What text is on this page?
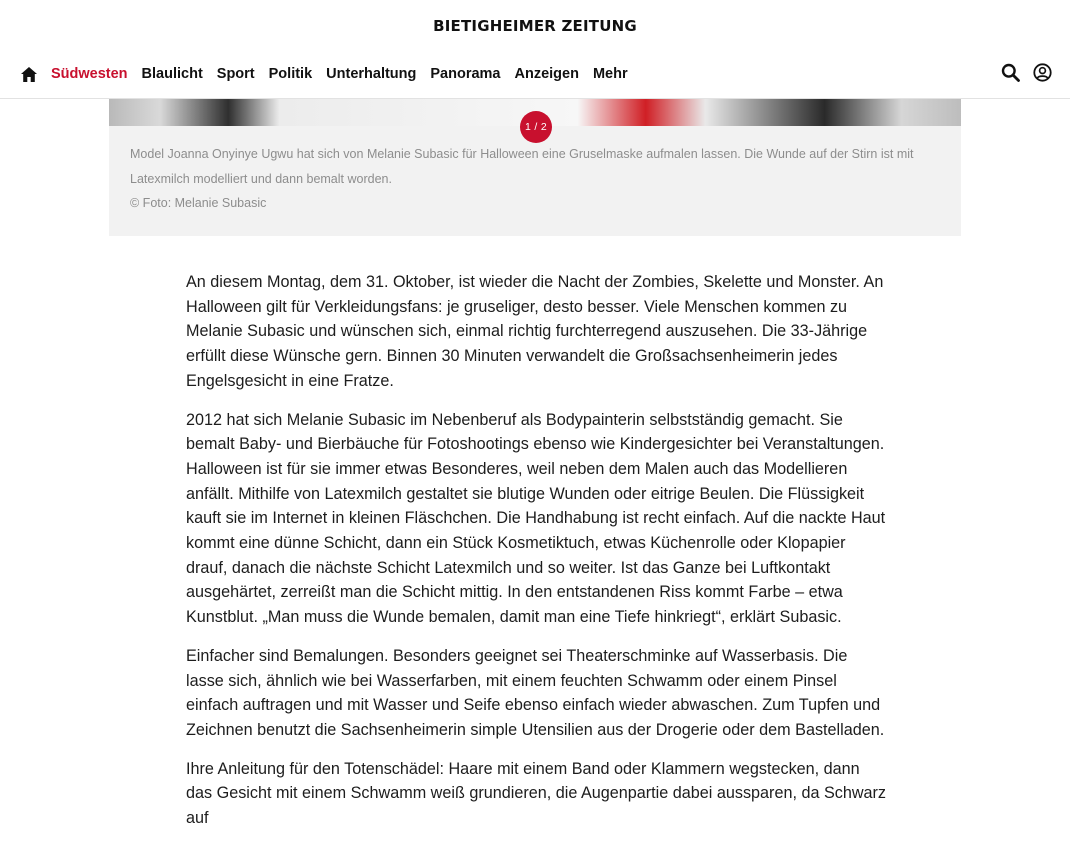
BIETIGHEIMER ZEITUNG
Südwesten Blaulicht Sport Politik Unterhaltung Panorama Anzeigen Mehr
1 / 2
Model Joanna Onyinye Ugwu hat sich von Melanie Subasic für Halloween eine Gruselmaske aufmalen lassen. Die Wunde auf der Stirn ist mit Latexmilch modelliert und dann bemalt worden.
© Foto: Melanie Subasic

An diesem Montag, dem 31. Oktober, ist wieder die Nacht der Zombies, Skelette und Monster. An Halloween gilt für Verkleidungsfans: je gruseliger, desto besser. Viele Menschen kommen zu Melanie Subasic und wünschen sich, einmal richtig furchterregend auszusehen. Die 33-Jährige erfüllt diese Wünsche gern. Binnen 30 Minuten verwandelt die Großsachsenheimerin jedes Engelsgesicht in eine Fratze.

2012 hat sich Melanie Subasic im Nebenberuf als Bodypainterin selbstständig gemacht. Sie bemalt Baby- und Bierbäuche für Fotoshootings ebenso wie Kindergesichter bei Veranstaltungen. Halloween ist für sie immer etwas Besonderes, weil neben dem Malen auch das Modellieren anfällt. Mithilfe von Latexmilch gestaltet sie blutige Wunden oder eitrige Beulen. Die Flüssigkeit kauft sie im Internet in kleinen Fläschchen. Die Handhabung ist recht einfach. Auf die nackte Haut kommt eine dünne Schicht, dann ein Stück Kosmetiktuch, etwas Küchenrolle oder Klopapier drauf, danach die nächste Schicht Latexmilch und so weiter. Ist das Ganze bei Luftkontakt ausgehärtet, zerreißt man die Schicht mittig. In den entstandenen Riss kommt Farbe – etwa Kunstblut. „Man muss die Wunde bemalen, damit man eine Tiefe hinkriegt“, erklärt Subasic.

Einfacher sind Bemalungen. Besonders geeignet sei Theaterschminke auf Wasserbasis. Die lasse sich, ähnlich wie bei Wasserfarben, mit einem feuchten Schwamm oder einem Pinsel einfach auftragen und mit Wasser und Seife ebenso einfach wieder abwaschen. Zum Tupfen und Zeichnen benutzt die Sachsenheimerin simple Utensilien aus der Drogerie oder dem Bastelladen.

Ihre Anleitung für den Totenschädel: Haare mit einem Band oder Klammern wegstecken, dann das Gesicht mit einem Schwamm weiß grundieren, die Augenpartie dabei aussparen, da Schwarz auf
